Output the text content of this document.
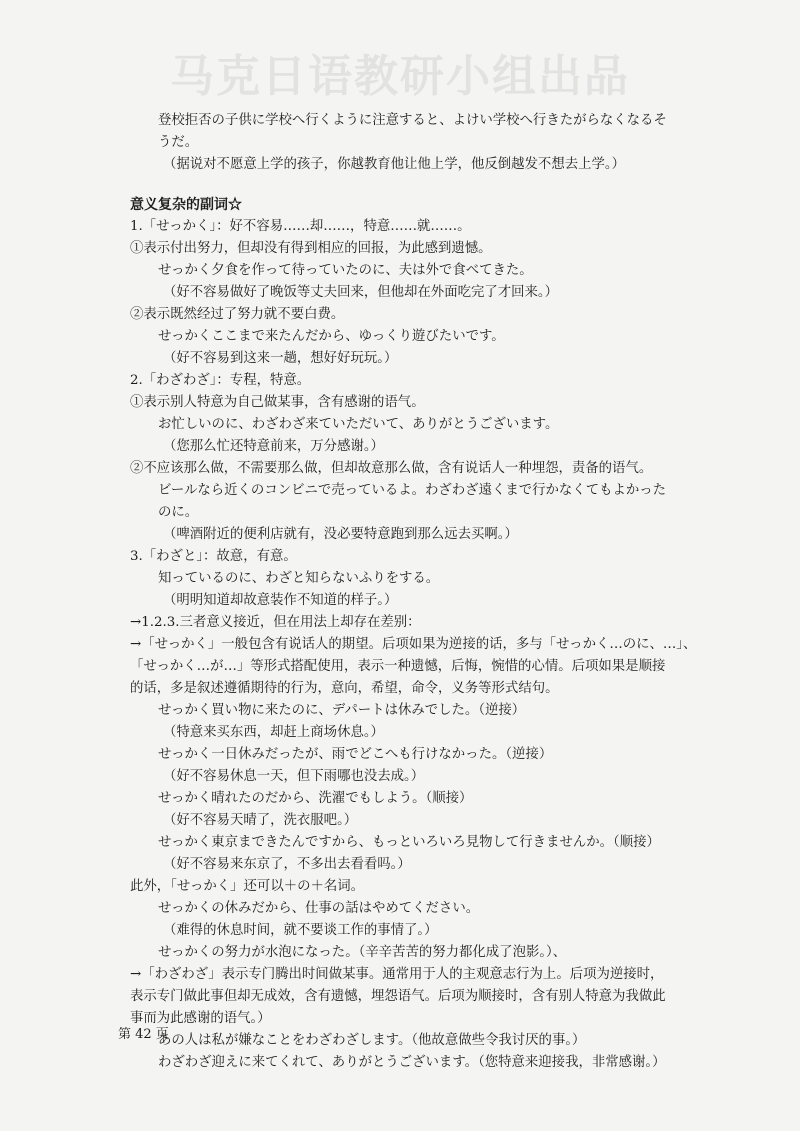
马克日语教研小组出品
登校拒否の子供に学校へ行くように注意すると、よけい学校へ行きたがらなくなるそ
うだ。
（据说对不愿意上学的孩子，你越教育他让他上学，他反倒越发不想去上学。）
意义复杂的副词☆
1.「せっかく」：好不容易……却……，特意……就……。
①表示付出努力，但却没有得到相应的回报，为此感到遗憾。
せっかく夕食を作って待っていたのに、夫は外で食べてきた。
（好不容易做好了晚饭等丈夫回来，但他却在外面吃完了才回来。）
②表示既然经过了努力就不要白费。
せっかくここまで来たんだから、ゆっくり遊びたいです。
（好不容易到这来一趟，想好好玩玩。）
2.「わざわざ」：专程，特意。
①表示别人特意为自己做某事，含有感谢的语气。
お忙しいのに、わざわざ来ていただいて、ありがとうございます。
（您那么忙还特意前来，万分感谢。）
②不应该那么做，不需要那么做，但却故意那么做，含有说话人一种埋怨，责备的语气。
ビールなら近くのコンビニで売っているよ。わざわざ遠くまで行かなくてもよかった
のに。
（啤酒附近的便利店就有，没必要特意跑到那么远去买啊。）
3.「わざと」：故意，有意。
知っているのに、わざと知らないふりをする。
（明明知道却故意装作不知道的样子。）
→1.2.3.三者意义接近，但在用法上却存在差别：
→「せっかく」一般包含有说话人的期望。后项如果为逆接的话，多与「せっかく…のに、…」、
「せっかく…が…」等形式搭配使用，表示一种遗憾，后悔，惋惜的心情。后项如果是顺接
的话，多是叙述遵循期待的行为，意向，希望，命令，义务等形式结句。
せっかく買い物に来たのに、デパートは休みでした。（逆接）
（特意来买东西，却赶上商场休息。）
せっかく一日休みだったが、雨でどこへも行けなかった。（逆接）
（好不容易休息一天，但下雨哪也没去成。）
せっかく晴れたのだから、洗濯でもしよう。（顺接）
（好不容易天晴了，洗衣服吧。）
せっかく東京まできたんですから、もっといろいろ見物して行きませんか。（顺接）
（好不容易来东京了，不多出去看看吗。）
此外，「せっかく」还可以＋の＋名词。
せっかくの休みだから、仕事の話はやめてください。
（难得的休息时间，就不要谈工作的事情了。）
せっかくの努力が水泡になった。（辛辛苦苦的努力都化成了泡影。）、
→「わざわざ」表示专门腾出时间做某事。通常用于人的主观意志行为上。后项为逆接时，
表示专门做此事但却无成效，含有遗憾，埋怨语气。后项为顺接时，含有别人特意为我做此
事而为此感谢的语气。）
あの人は私が嫌なことをわざわざします。（他故意做些令我讨厌的事。）
わざわざ迎えに来てくれて、ありがとうございます。（您特意来迎接我，非常感谢。）
第 42 页
